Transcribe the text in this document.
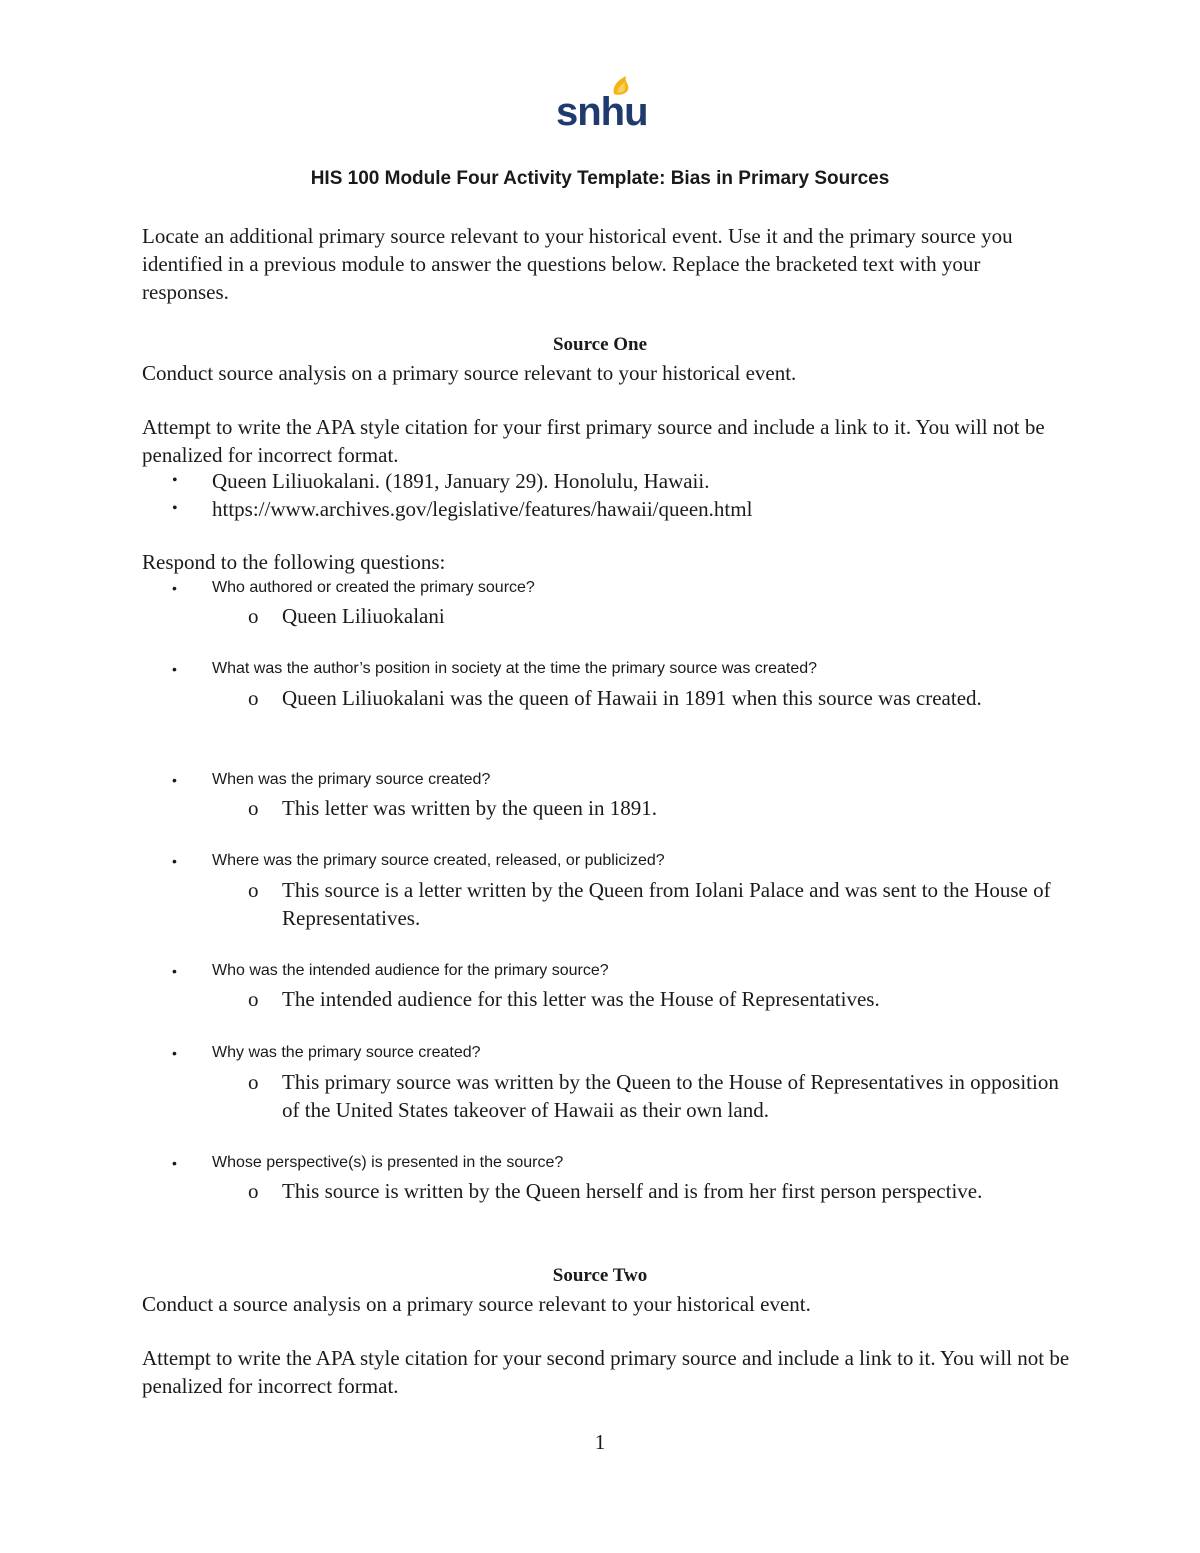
snhu
HIS 100 Module Four Activity Template: Bias in Primary Sources
Locate an additional primary source relevant to your historical event. Use it and the primary source you identified in a previous module to answer the questions below. Replace the bracketed text with your responses.
Source One
Conduct source analysis on a primary source relevant to your historical event.
Attempt to write the APA style citation for your first primary source and include a link to it. You will not be penalized for incorrect format.
• Queen Liliuokalani. (1891, January 29). Honolulu, Hawaii.
• https://www.archives.gov/legislative/features/hawaii/queen.html
Respond to the following questions:
• Who authored or created the primary source?
o Queen Liliuokalani
• What was the author’s position in society at the time the primary source was created?
o Queen Liliuokalani was the queen of Hawaii in 1891 when this source was created.
• When was the primary source created?
o This letter was written by the queen in 1891.
• Where was the primary source created, released, or publicized?
o This source is a letter written by the Queen from Iolani Palace and was sent to the House of Representatives.
• Who was the intended audience for the primary source?
o The intended audience for this letter was the House of Representatives.
• Why was the primary source created?
o This primary source was written by the Queen to the House of Representatives in opposition of the United States takeover of Hawaii as their own land.
• Whose perspective(s) is presented in the source?
o This source is written by the Queen herself and is from her first person perspective.
Source Two
Conduct a source analysis on a primary source relevant to your historical event.
Attempt to write the APA style citation for your second primary source and include a link to it. You will not be penalized for incorrect format.
1
